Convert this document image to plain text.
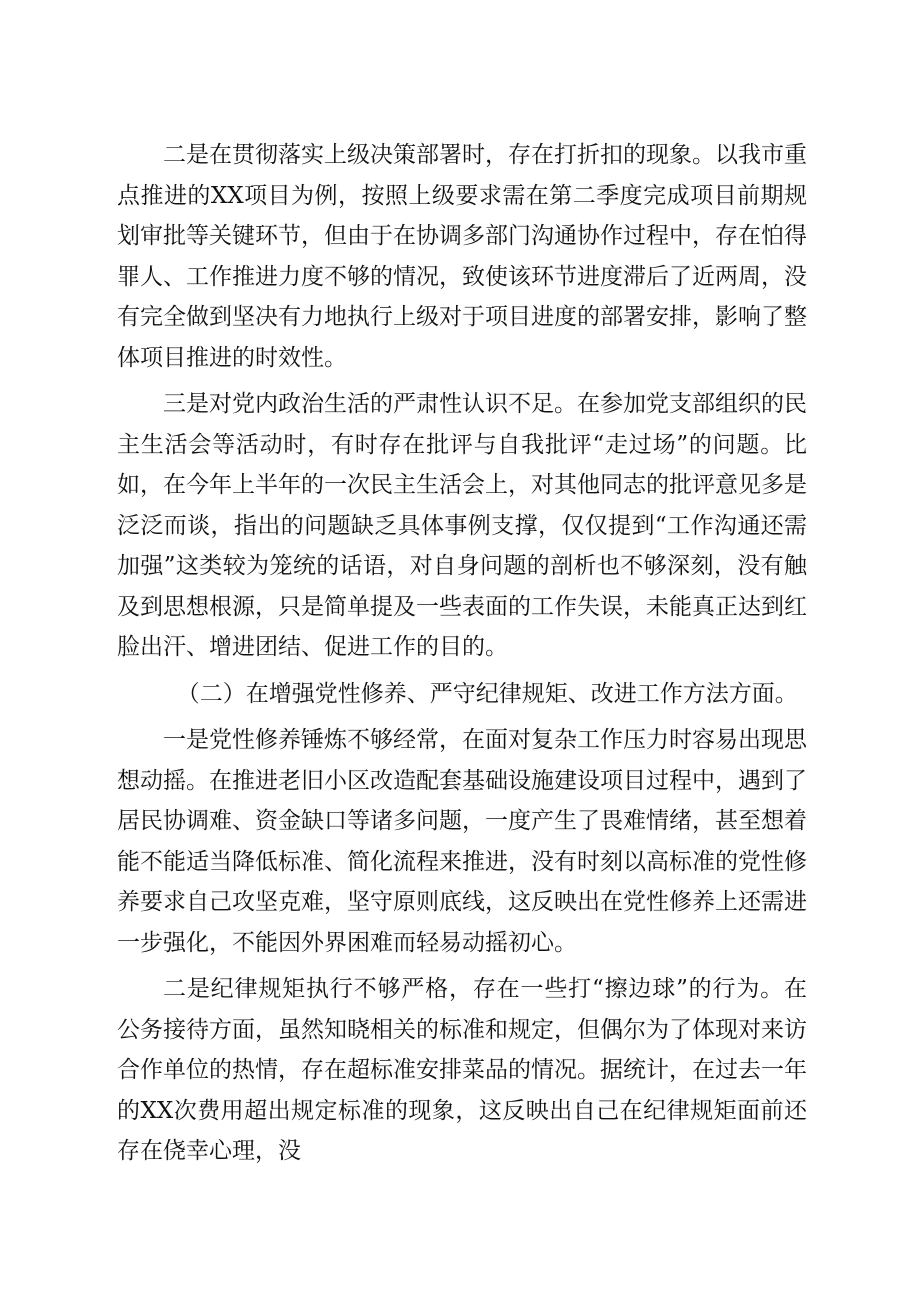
二是在贯彻落实上级决策部署时，存在打折扣的现象。以我市重点推进的XX项目为例，按照上级要求需在第二季度完成项目前期规划审批等关键环节，但由于在协调多部门沟通协作过程中，存在怕得罪人、工作推进力度不够的情况，致使该环节进度滞后了近两周，没有完全做到坚决有力地执行上级对于项目进度的部署安排，影响了整体项目推进的时效性。

三是对党内政治生活的严肃性认识不足。在参加党支部组织的民主生活会等活动时，有时存在批评与自我批评“走过场”的问题。比如，在今年上半年的一次民主生活会上，对其他同志的批评意见多是泛泛而谈，指出的问题缺乏具体事例支撑，仅仅提到“工作沟通还需加强”这类较为笼统的话语，对自身问题的剖析也不够深刻，没有触及到思想根源，只是简单提及一些表面的工作失误，未能真正达到红脸出汗、增进团结、促进工作的目的。

（二）在增强党性修养、严守纪律规矩、改进工作方法方面。

一是党性修养锤炼不够经常，在面对复杂工作压力时容易出现思想动摇。在推进老旧小区改造配套基础设施建设项目过程中，遇到了居民协调难、资金缺口等诸多问题，一度产生了畏难情绪，甚至想着能不能适当降低标准、简化流程来推进，没有时刻以高标准的党性修养要求自己攻坚克难，坚守原则底线，这反映出在党性修养上还需进一步强化，不能因外界困难而轻易动摇初心。

二是纪律规矩执行不够严格，存在一些打“擦边球”的行为。在公务接待方面，虽然知晓相关的标准和规定，但偶尔为了体现对来访合作单位的热情，存在超标准安排菜品的情况。据统计，在过去一年的XX次费用超出规定标准的现象，这反映出自己在纪律规矩面前还存在侥幸心理，没
